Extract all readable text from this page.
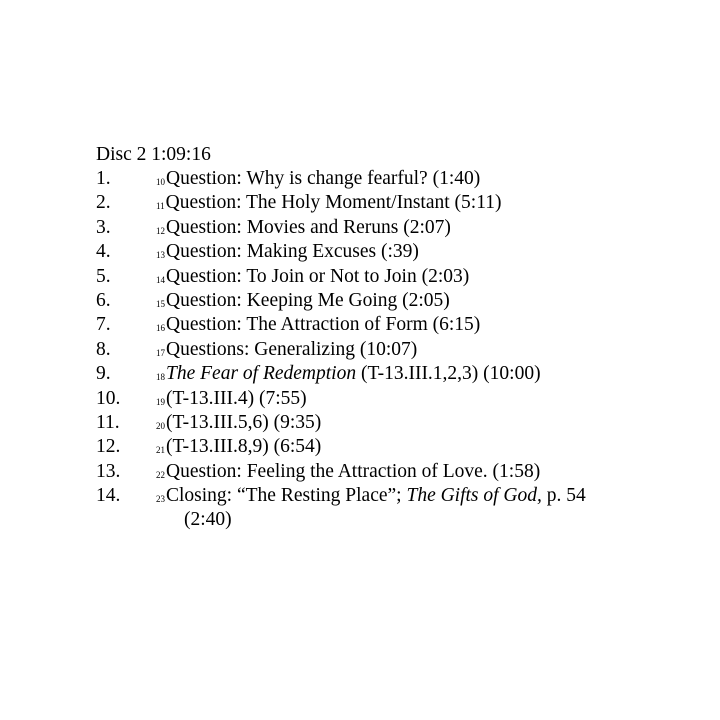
Disc 2 1:09:16
1.	$^{10}$Question: Why is change fearful? (1:40)
2.	$^{11}$Question: The Holy Moment/Instant (5:11)
3.	$^{12}$Question: Movies and Reruns (2:07)
4.	$^{13}$Question: Making Excuses (:39)
5.	$^{14}$Question: To Join or Not to Join (2:03)
6.	$^{15}$Question: Keeping Me Going (2:05)
7.	$^{16}$Question: The Attraction of Form (6:15)
8.	$^{17}$Questions: Generalizing (10:07)
9.	$^{18}$The Fear of Redemption (T-13.III.1,2,3) (10:00)
10.	$^{19}$(T-13.III.4) (7:55)
11.	$^{20}$(T-13.III.5,6) (9:35)
12.	$^{21}$(T-13.III.8,9) (6:54)
13.	$^{22}$Question: Feeling the Attraction of Love. (1:58)
14.	$^{23}$Closing: “The Resting Place”; The Gifts of God, p. 54
(2:40)
